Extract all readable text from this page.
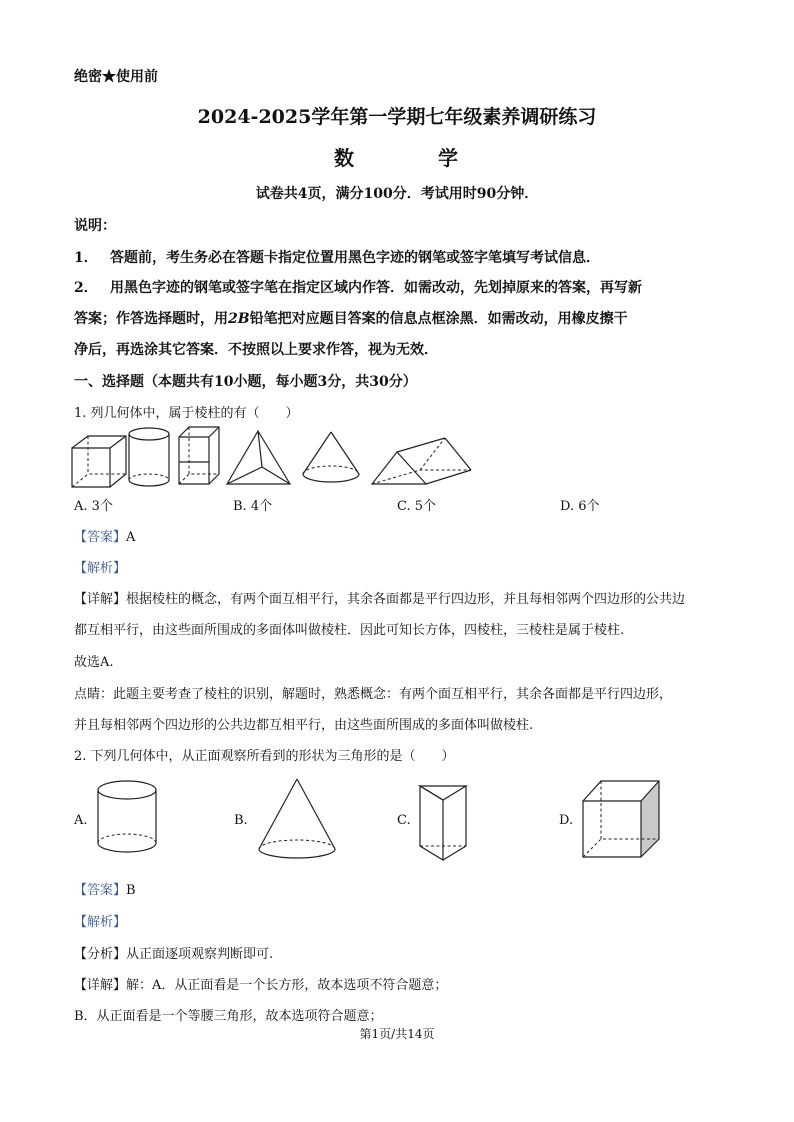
绝密★使用前
2024-2025学年第一学期七年级素养调研练习
数	学
试卷共4页，满分100分．考试用时90分钟．
说明：
1． 答题前，考生务必在答题卡指定位置用黑色字迹的钢笔或签字笔填写考试信息．
2． 用黑色字迹的钢笔或签字笔在指定区域内作答．如需改动，先划掉原来的答案，再写新
答案；作答选择题时，用2B铅笔把对应题目答案的信息点框涂黑．如需改动，用橡皮擦干
净后，再选涂其它答案．不按照以上要求作答，视为无效．
一、选择题（本题共有10小题，每小题3分，共30分）
1. 列几何体中，属于棱柱的有（　　）
A. 3个	B. 4个	C. 5个	D. 6个
【答案】A
【解析】
【详解】根据棱柱的概念，有两个面互相平行，其余各面都是平行四边形，并且每相邻两个四边形的公共边
都互相平行，由这些面所围成的多面体叫做棱柱．因此可知长方体，四棱柱，三棱柱是属于棱柱.
故选A.
点睛：此题主要考查了棱柱的识别，解题时，熟悉概念：有两个面互相平行，其余各面都是平行四边形，
并且每相邻两个四边形的公共边都互相平行，由这些面所围成的多面体叫做棱柱.
2. 下列几何体中，从正面观察所看到的形状为三角形的是（　　）
A.	B.	C.	D.
【答案】B
【解析】
【分析】从正面逐项观察判断即可.
【详解】解：A．从正面看是一个长方形，故本选项不符合题意；
B．从正面看是一个等腰三角形，故本选项符合题意；
第1页/共14页
